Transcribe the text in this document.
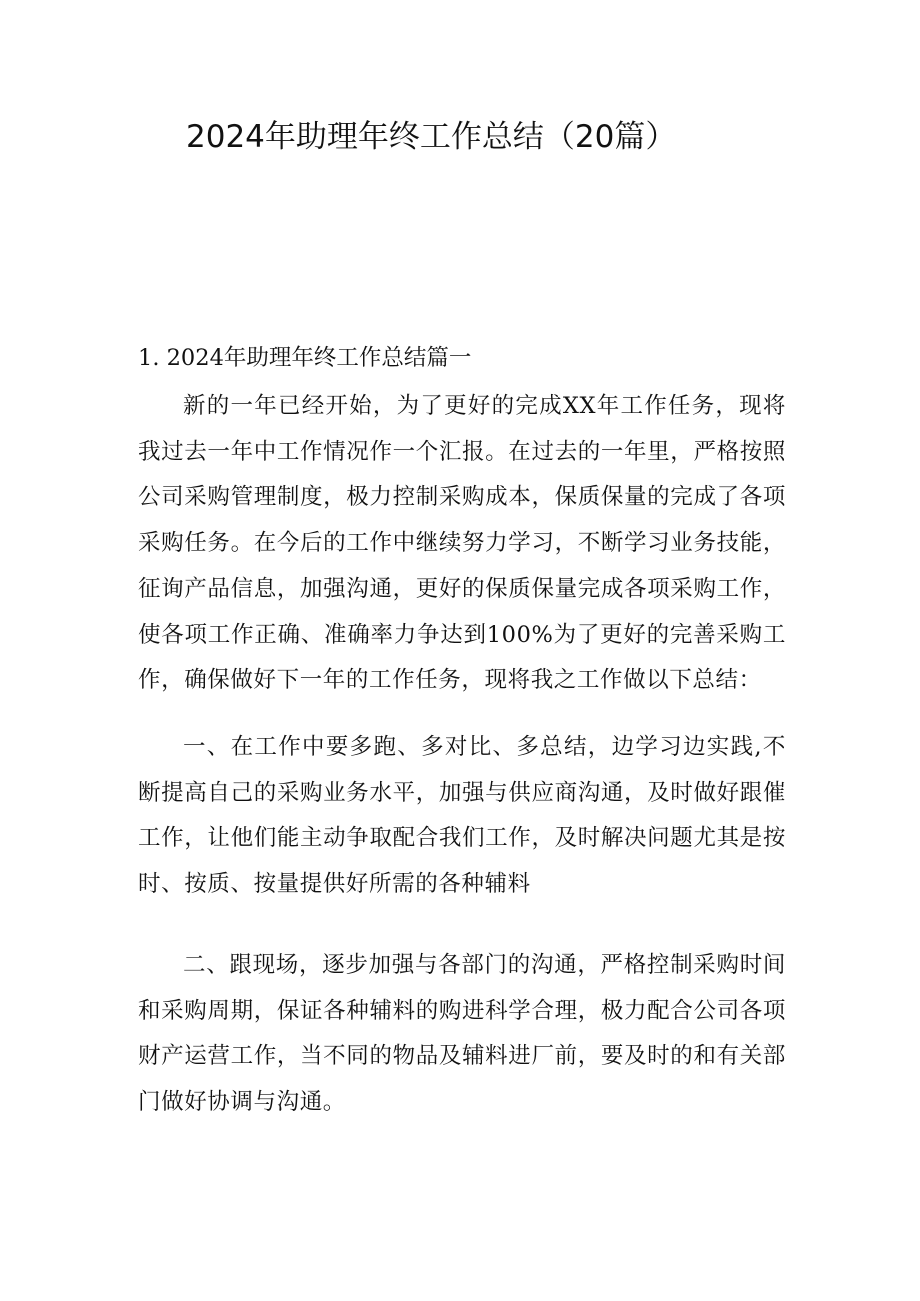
2024年助理年终工作总结（20篇）
1. 2024年助理年终工作总结篇一

新的一年已经开始，为了更好的完成XX年工作任务，现将我过去一年中工作情况作一个汇报。在过去的一年里，严格按照公司采购管理制度，极力控制采购成本，保质保量的完成了各项采购任务。在今后的工作中继续努力学习，不断学习业务技能，征询产品信息，加强沟通，更好的保质保量完成各项采购工作，使各项工作正确、准确率力争达到100%为了更好的完善采购工作，确保做好下一年的工作任务，现将我之工作做以下总结：

一、在工作中要多跑、多对比、多总结，边学习边实践,不断提高自己的采购业务水平，加强与供应商沟通，及时做好跟催工作，让他们能主动争取配合我们工作，及时解决问题尤其是按时、按质、按量提供好所需的各种辅料

二、跟现场，逐步加强与各部门的沟通，严格控制采购时间和采购周期，保证各种辅料的购进科学合理，极力配合公司各项财产运营工作，当不同的物品及辅料进厂前，要及时的和有关部门做好协调与沟通。
